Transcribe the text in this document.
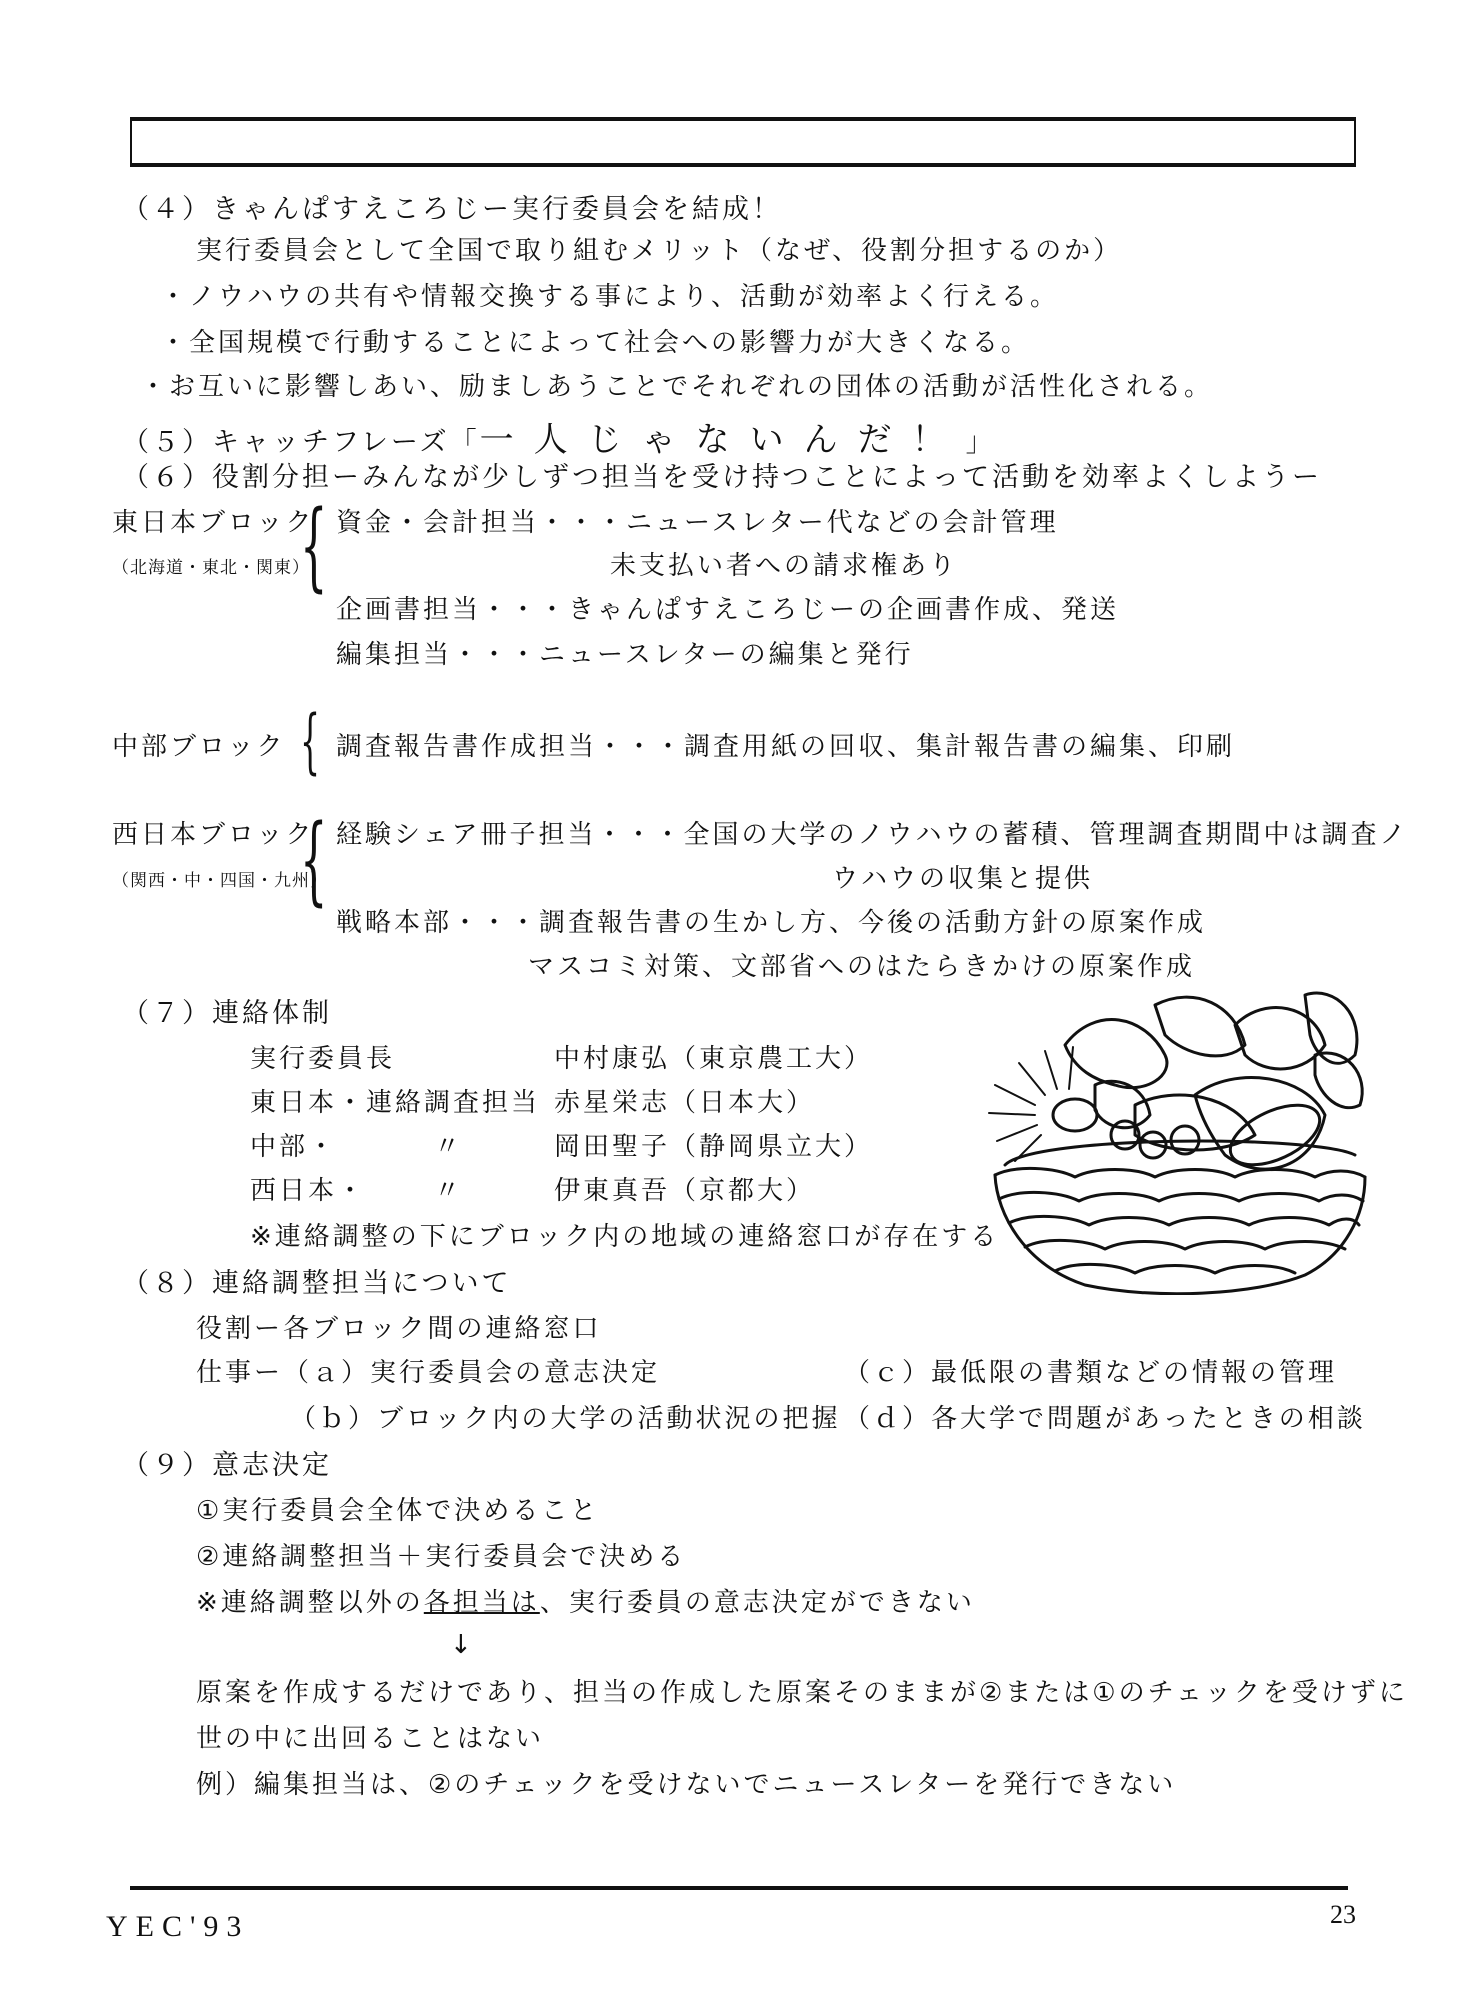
（４）きゃんぱすえころじー実行委員会を結成！
実行委員会として全国で取り組むメリット（なぜ、役割分担するのか）
・ノウハウの共有や情報交換する事により、活動が効率よく行える。
・全国規模で行動することによって社会への影響力が大きくなる。
・お互いに影響しあい、励ましあうことでそれぞれの団体の活動が活性化される。
（５）キャッチフレーズ「一人じゃないんだ！」
（６）役割分担ーみんなが少しずつ担当を受け持つことによって活動を効率よくしようー
東日本ブロック
（北海道・東北・関東）
{ 資金・会計担当・・・ニュースレター代などの会計管理
未支払い者への請求権あり
企画書担当・・・きゃんぱすえころじーの企画書作成、発送
編集担当・・・ニュースレターの編集と発行
中部ブロック { 調査報告書作成担当・・・調査用紙の回収、集計報告書の編集、印刷
西日本ブロック
（関西・中・四国・九州）
{ 経験シェア冊子担当・・・全国の大学のノウハウの蓄積、管理調査期間中は調査ノ
ウハウの収集と提供
戦略本部・・・調査報告書の生かし方、今後の活動方針の原案作成
マスコミ対策、文部省へのはたらきかけの原案作成
（７）連絡体制
実行委員長	中村康弘（東京農工大）
東日本・連絡調査担当 赤星栄志（日本大）
中部・	〃	岡田聖子（静岡県立大）
西日本・	〃	伊東真吾（京都大）
※連絡調整の下にブロック内の地域の連絡窓口が存在する
（８）連絡調整担当について
役割ー各ブロック間の連絡窓口
仕事ー（ａ）実行委員会の意志決定
（ｂ）ブロック内の大学の活動状況の把握
（ｃ）最低限の書類などの情報の管理
（ｄ）各大学で問題があったときの相談
（９）意志決定
①実行委員会全体で決めること
②連絡調整担当＋実行委員会で決める
※連絡調整以外の各担当は、実行委員の意志決定ができない
↓
原案を作成するだけであり、担当の作成した原案そのままが②または①のチェックを受けずに
世の中に出回ることはない
例）編集担当は、②のチェックを受けないでニュースレターを発行できない
YEC'93	23
